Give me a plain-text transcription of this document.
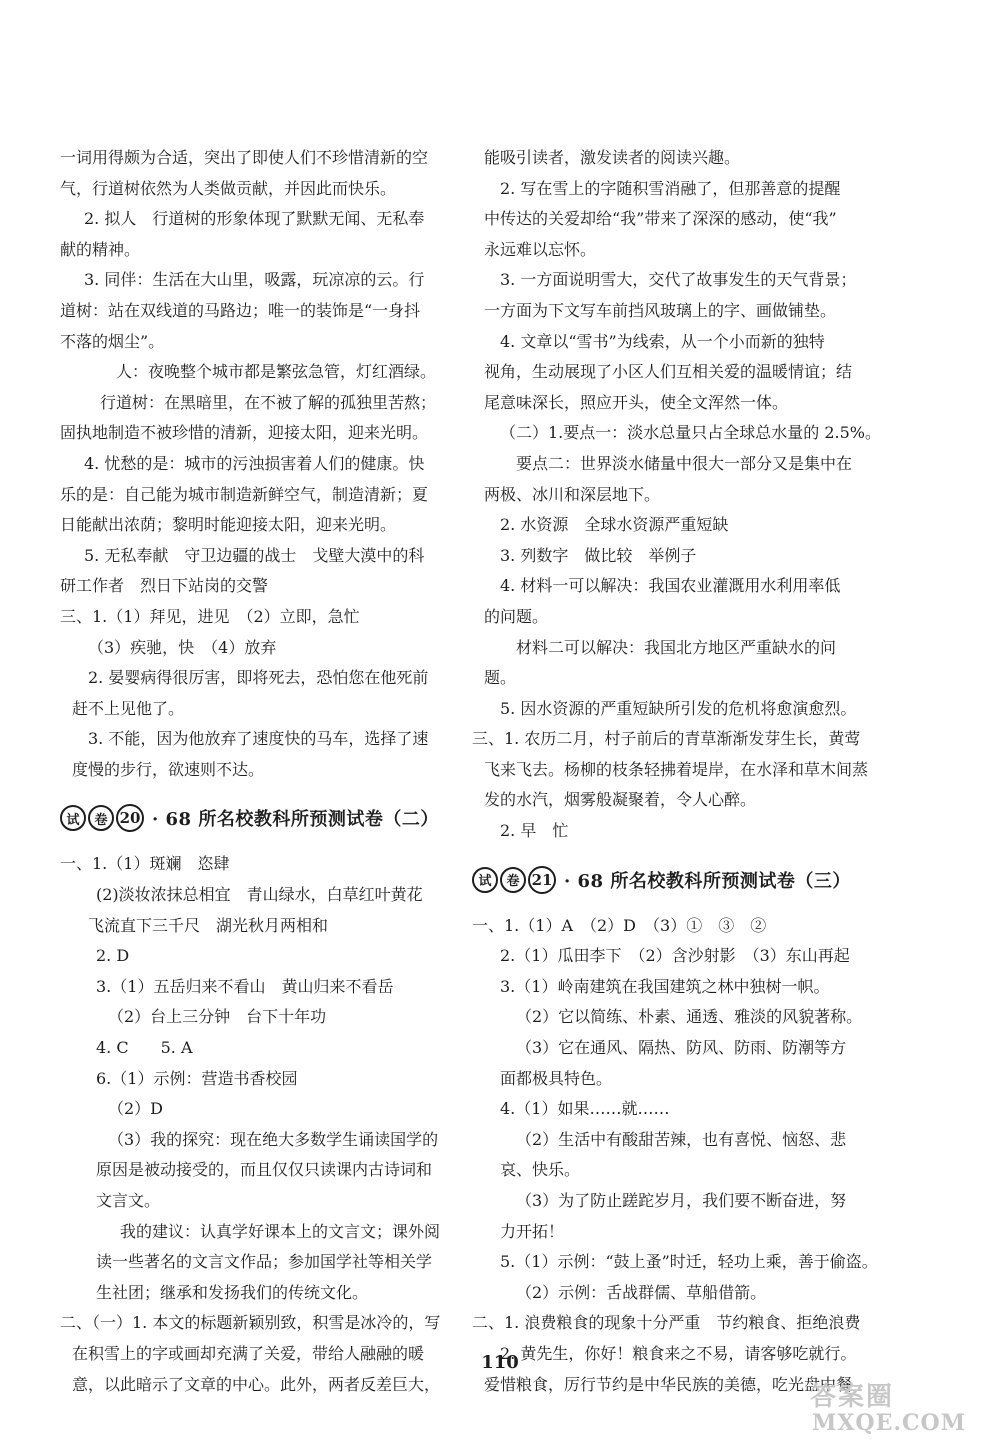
一词用得颇为合适，突出了即使人们不珍惜清新的空
气，行道树依然为人类做贡献，并因此而快乐。
2. 拟人　行道树的形象体现了默默无闻、无私奉
献的精神。
3. 同伴：生活在大山里，吸露，玩凉凉的云。行
道树：站在双线道的马路边；唯一的装饰是“一身抖
不落的烟尘”。
人：夜晚整个城市都是繁弦急管，灯红酒绿。
行道树：在黑暗里，在不被了解的孤独里苦熬；
固执地制造不被珍惜的清新，迎接太阳，迎来光明。
4. 忧愁的是：城市的污浊损害着人们的健康。快
乐的是：自己能为城市制造新鲜空气，制造清新；夏
日能献出浓荫；黎明时能迎接太阳，迎来光明。
5. 无私奉献　守卫边疆的战士　戈壁大漠中的科
研工作者　烈日下站岗的交警
三、1.（1）拜见，进见　（2）立即，急忙
（3）疾驰，快　（4）放弃
2. 晏婴病得很厉害，即将死去，恐怕您在他死前
赶不上见他了。
3. 不能，因为他放弃了速度快的马车，选择了速
度慢的步行，欲速则不达。
试	卷 20 · 68 所名校教科所预测试卷（二）
一、1.（1）斑斓　恣肆
(2)淡妆浓抹总相宜　青山绿水，白草红叶黄花
飞流直下三千尺　湖光秋月两相和
2. D
3.（1）五岳归来不看山　黄山归来不看岳
（2）台上三分钟　台下十年功
4. C　　5. A
6.（1）示例：营造书香校园
（2）D
（3）我的探究：现在绝大多数学生诵读国学的
原因是被动接受的，而且仅仅只读课内古诗词和
文言文。
我的建议：认真学好课本上的文言文；课外阅
读一些著名的文言文作品；参加国学社等相关学
生社团；继承和发扬我们的传统文化。
二、（一）1. 本文的标题新颖别致，积雪是冰冷的，写
在积雪上的字或画却充满了关爱，带给人融融的暖
意，以此暗示了文章的中心。此外，两者反差巨大，
能吸引读者，激发读者的阅读兴趣。
2. 写在雪上的字随积雪消融了，但那善意的提醒
中传达的关爱却给“我”带来了深深的感动，使“我”
永远难以忘怀。
3. 一方面说明雪大，交代了故事发生的天气背景；
一方面为下文写车前挡风玻璃上的字、画做铺垫。
4. 文章以“雪书”为线索，从一个小而新的独特
视角，生动展现了小区人们互相关爱的温暖情谊；结
尾意味深长，照应开头，使全文浑然一体。
（二）1.要点一：淡水总量只占全球总水量的 2.5%。
要点二：世界淡水储量中很大一部分又是集中在
两极、冰川和深层地下。
2. 水资源　全球水资源严重短缺
3. 列数字　做比较　举例子
4. 材料一可以解决：我国农业灌溉用水利用率低
的问题。
材料二可以解决：我国北方地区严重缺水的问
题。
5. 因水资源的严重短缺所引发的危机将愈演愈烈。
三、1. 农历二月，村子前后的青草渐渐发芽生长，黄莺
飞来飞去。杨柳的枝条轻拂着堤岸，在水泽和草木间蒸
发的水汽，烟雾般凝聚着，令人心醉。
2. 早　忙
试	卷 21 · 68 所名校教科所预测试卷（三）
一、1.（1）A　（2）D　（3）①　③　②
2.（1）瓜田李下　（2）含沙射影　（3）东山再起
3.（1）岭南建筑在我国建筑之林中独树一帜。
（2）它以简练、朴素、通透、雅淡的风貌著称。
（3）它在通风、隔热、防风、防雨、防潮等方
面都极具特色。
4.（1）如果……就……
（2）生活中有酸甜苦辣，也有喜悦、恼怒、悲
哀、快乐。
（3）为了防止蹉跎岁月，我们要不断奋进，努
力开拓！
5.（1）示例：“鼓上蚤”时迁，轻功上乘，善于偷盗。
（2）示例：舌战群儒、草船借箭。
二、1. 浪费粮食的现象十分严重　节约粮食、拒绝浪费
2. 黄先生，你好！粮食来之不易，请客够吃就行。
爱惜粮食，厉行节约是中华民族的美德，吃光盘中餐
110
答案圈
MXQE.COM
